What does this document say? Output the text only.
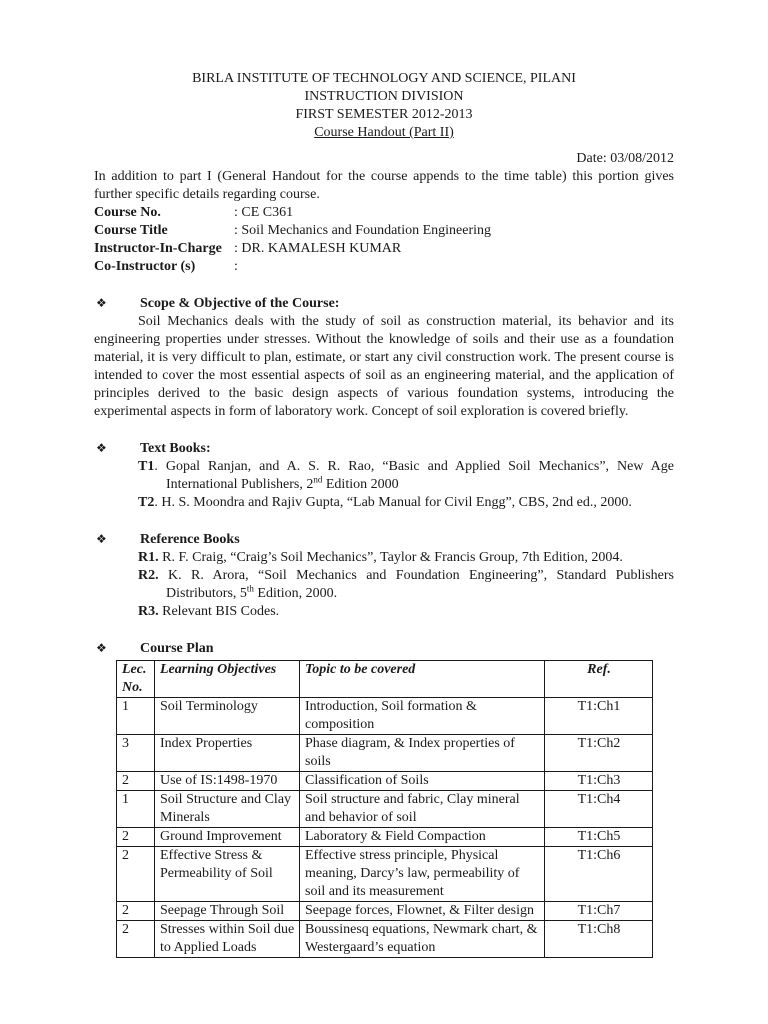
BIRLA INSTITUTE OF TECHNOLOGY AND SCIENCE, PILANI

INSTRUCTION DIVISION

FIRST SEMESTER 2012-2013

Course Handout (Part II)

Date: 03/08/2012
In addition to part I (General Handout for the course appends to the time table) this portion gives further specific details regarding course.
Course No.	: CE C361
Course Title	: Soil Mechanics and Foundation Engineering
Instructor-In-Charge : DR. KAMALESH KUMAR
Co-Instructor (s)	:
❖	Scope & Objective of the Course:
Soil Mechanics deals with the study of soil as construction material, its behavior and its engineering properties under stresses. Without the knowledge of soils and their use as a foundation material, it is very difficult to plan, estimate, or start any civil construction work. The present course is intended to cover the most essential aspects of soil as an engineering material, and the application of principles derived to the basic design aspects of various foundation systems, introducing the experimental aspects in form of laboratory work. Concept of soil exploration is covered briefly.
❖	Text Books:
T1. Gopal Ranjan, and A. S. R. Rao, “Basic and Applied Soil Mechanics”, New Age International Publishers, 2nd Edition 2000
T2. H. S. Moondra and Rajiv Gupta, “Lab Manual for Civil Engg”, CBS, 2nd ed., 2000.
❖	Reference Books
R1. R. F. Craig, “Craig’s Soil Mechanics”, Taylor & Francis Group, 7th Edition, 2004.
R2. K. R. Arora, “Soil Mechanics and Foundation Engineering”, Standard Publishers Distributors, 5th Edition, 2000.
R3. Relevant BIS Codes.
❖	Course Plan
Lec. No.	Learning Objectives	Topic to be covered	Ref.
1	Soil Terminology	Introduction, Soil formation & composition	T1:Ch1
3	Index Properties	Phase diagram, & Index properties of soils	T1:Ch2
2	Use of IS:1498-1970	Classification of Soils	T1:Ch3
1	Soil Structure and Clay Minerals	Soil structure and fabric, Clay mineral and behavior of soil	T1:Ch4
2	Ground Improvement	Laboratory & Field Compaction	T1:Ch5
2	Effective Stress & Permeability of Soil	Effective stress principle, Physical meaning, Darcy’s law, permeability of soil and its measurement	T1:Ch6
2	Seepage Through Soil	Seepage forces, Flownet, & Filter design	T1:Ch7
2	Stresses within Soil due to Applied Loads	Boussinesq equations, Newmark chart, & Westergaard’s equation	T1:Ch8
